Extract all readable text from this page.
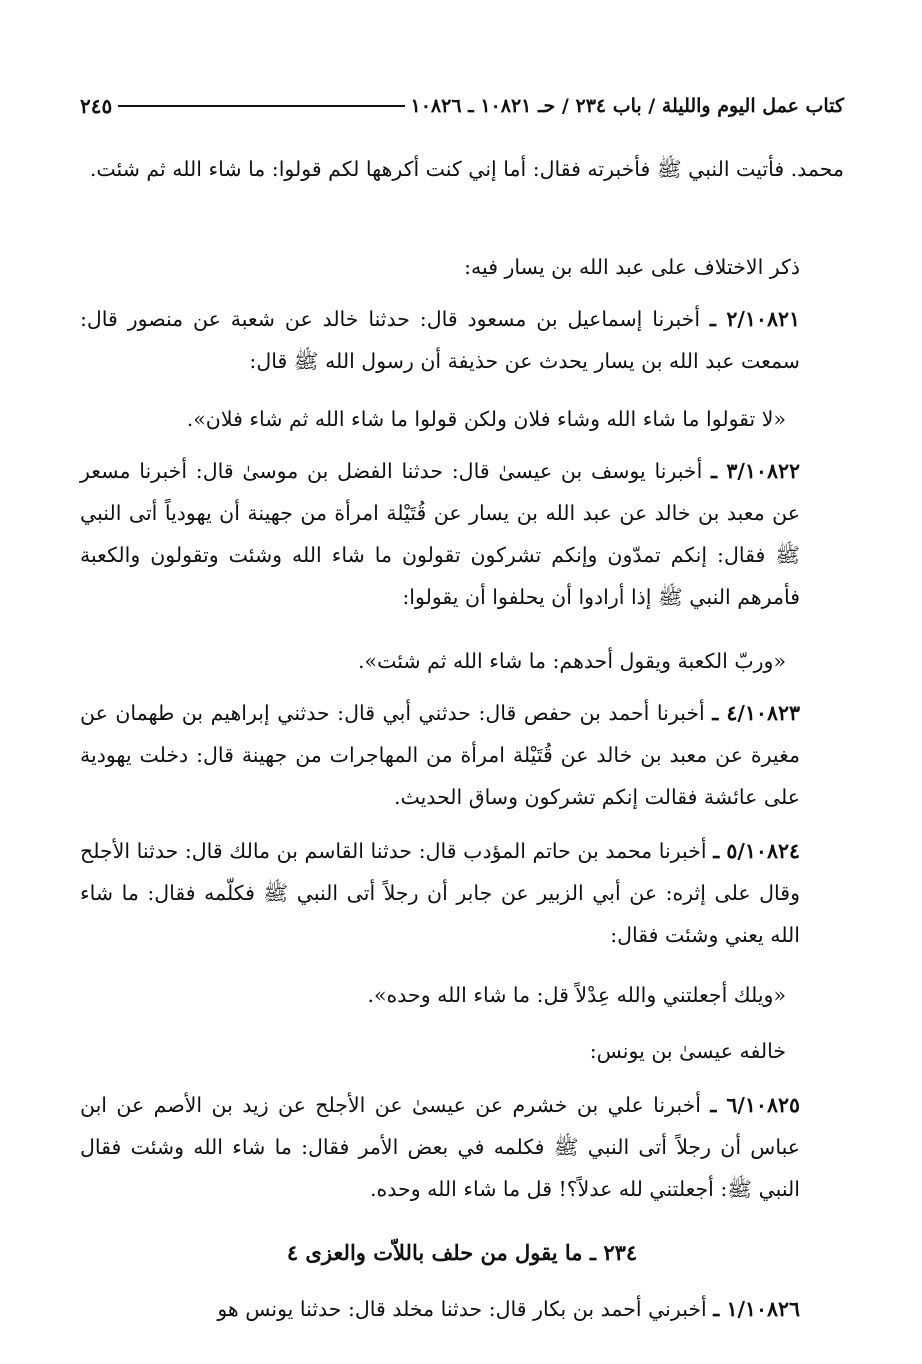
كتاب عمل اليوم والليلة / باب ٢٣٤ / حـ ١٠٨٢١ ـ ١٠٨٢٦
٢٤٥

محمد. فأتيت النبي ﷺ فأخبرته فقال: أما إني كنت أكرهها لكم قولوا: ما شاء الله ثم شئت.

ذكر الاختلاف على عبد الله بن يسار فيه:

٢/١٠٨٢١ ـ أخبرنا إسماعيل بن مسعود قال: حدثنا خالد عن شعبة عن منصور قال: سمعت عبد الله بن يسار يحدث عن حذيفة أن رسول الله ﷺ قال:

«لا تقولوا ما شاء الله وشاء فلان ولكن قولوا ما شاء الله ثم شاء فلان».

٣/١٠٨٢٢ ـ أخبرنا يوسف بن عيسىٰ قال: حدثنا الفضل بن موسىٰ قال: أخبرنا مسعر عن معبد بن خالد عن عبد الله بن يسار عن قُتَيْلة امرأة من جهينة أن يهودياً أتى النبي ﷺ فقال: إنكم تمدّون وإنكم تشركون تقولون ما شاء الله وشئت وتقولون والكعبة فأمرهم النبي ﷺ إذا أرادوا أن يحلفوا أن يقولوا:

«وربّ الكعبة ويقول أحدهم: ما شاء الله ثم شئت».

٤/١٠٨٢٣ ـ أخبرنا أحمد بن حفص قال: حدثني أبي قال: حدثني إبراهيم بن طهمان عن مغيرة عن معبد بن خالد عن قُتَيْلة امرأة من المهاجرات من جهينة قال: دخلت يهودية على عائشة فقالت إنكم تشركون وساق الحديث.

٥/١٠٨٢٤ ـ أخبرنا محمد بن حاتم المؤدب قال: حدثنا القاسم بن مالك قال: حدثنا الأجلح وقال على إثره: عن أبي الزبير عن جابر أن رجلاً أتى النبي ﷺ فكلّمه فقال: ما شاء الله يعني وشئت فقال:

«ويلك أجعلتني والله عِدْلاً قل: ما شاء الله وحده».

خالفه عيسىٰ بن يونس:

٦/١٠٨٢٥ ـ أخبرنا علي بن خشرم عن عيسىٰ عن الأجلح عن زيد بن الأصم عن ابن عباس أن رجلاً أتى النبي ﷺ فكلمه في بعض الأمر فقال: ما شاء الله وشئت فقال النبي ﷺ: أجعلتني لله عدلاً؟! قل ما شاء الله وحده.

٢٣٤ ـ ما يقول من حلف باللاّت والعزى ٤

١/١٠٨٢٦ ـ أخبرني أحمد بن بكار قال: حدثنا مخلد قال: حدثنا يونس هو
